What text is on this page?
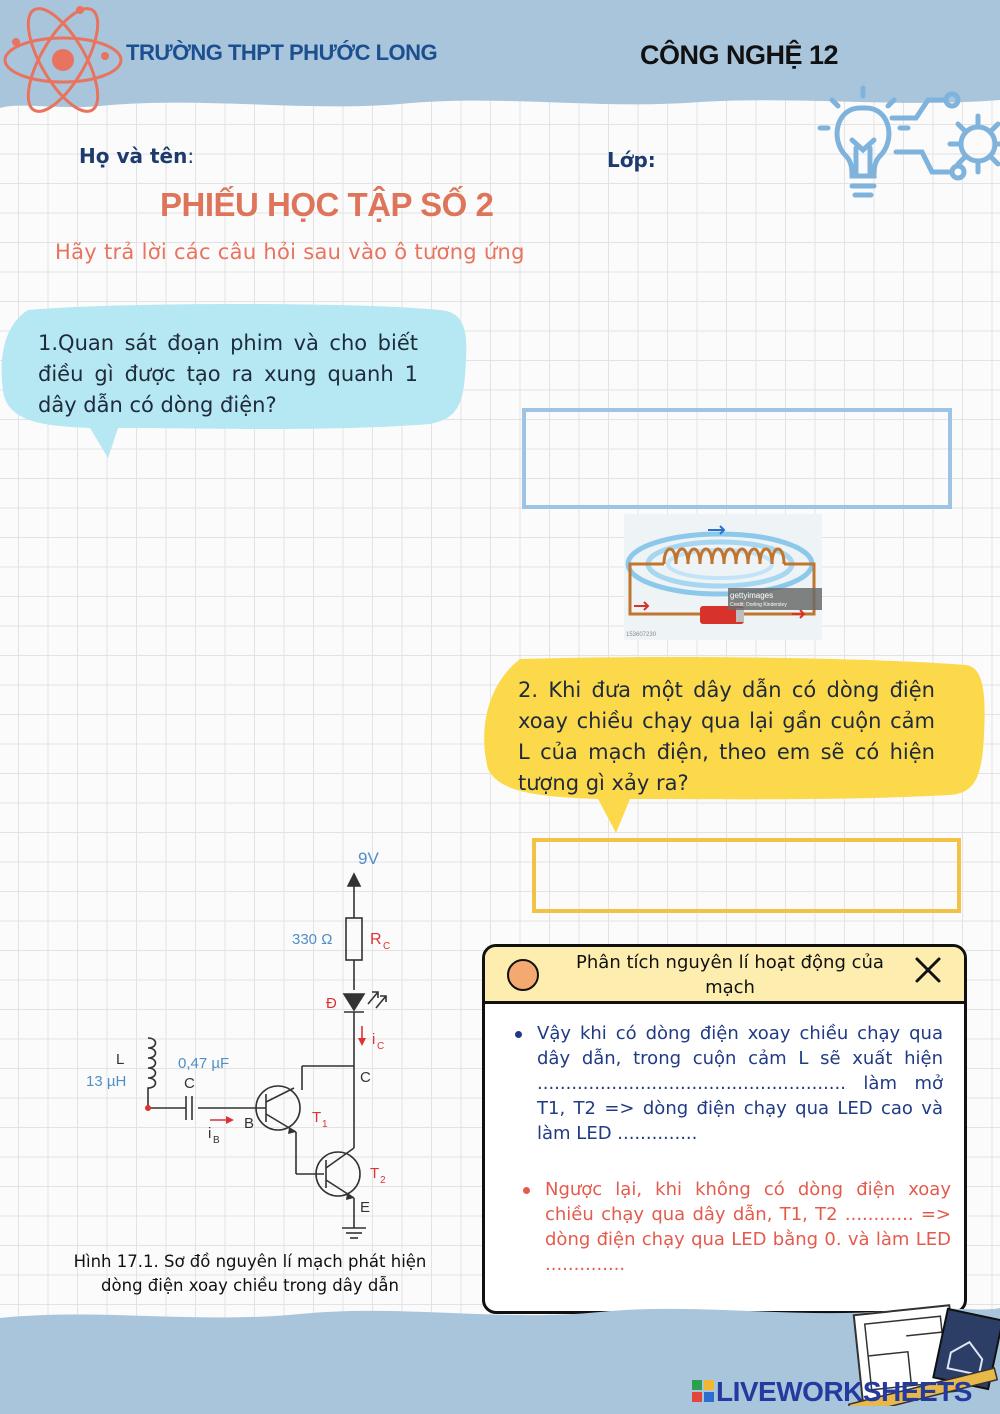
TRƯỜNG THPT PHƯỚC LONG	CÔNG NGHỆ 12
Họ và tên:	Lớp:
PHIẾU HỌC TẬP SỐ 2
Hãy trả lời các câu hỏi sau vào ô tương ứng
1.Quan sát đoạn phim và cho biết điều gì được tạo ra xung quanh 1 dây dẫn có dòng điện?
gettyimages
Credit: Dorling Kindersley
153607230
2. Khi đưa một dây dẫn có dòng điện xoay chiều chạy qua lại gần cuộn cảm L của mạch điện, theo em sẽ có hiện tượng gì xảy ra?
9V
330 Ω R C
Đ
i C
C
L
13 µH
0,47 µF
C
i B
B	T 1
T 2
E
Hình 17.1. Sơ đồ nguyên lí mạch phát hiện dòng điện xoay chiều trong dây dẫn
Phân tích nguyên lí hoạt động của mạch
Vậy khi có dòng điện xoay chiều chạy qua dây dẫn, trong cuộn cảm L sẽ xuất hiện ...................................................... làm mở T1, T2 => dòng điện chạy qua LED cao và làm LED ..............
Ngược lại, khi không có dòng điện xoay chiều chạy qua dây dẫn, T1, T2 ............ => dòng điện chạy qua LED bằng 0. và làm LED ..............
LIVEWORKSHEETS
